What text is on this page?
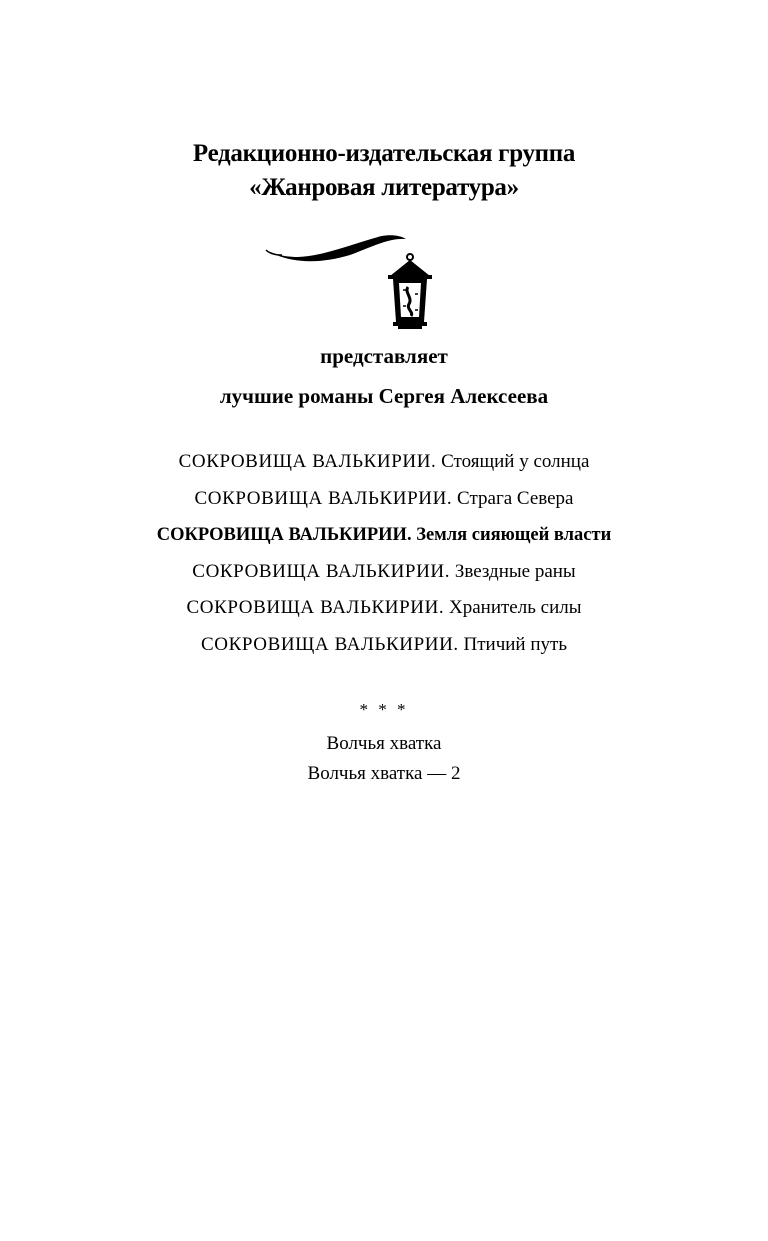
Редакционно-издательская группа
«Жанровая литература»
представляет
лучшие романы Сергея Алексеева
СОКРОВИЩА ВАЛЬКИРИИ. Стоящий у солнца
СОКРОВИЩА ВАЛЬКИРИИ. Страга Севера
СОКРОВИЩА ВАЛЬКИРИИ. Земля сияющей власти
СОКРОВИЩА ВАЛЬКИРИИ. Звездные раны
СОКРОВИЩА ВАЛЬКИРИИ. Хранитель силы
СОКРОВИЩА ВАЛЬКИРИИ. Птичий путь
* * *
Волчья хватка
Волчья хватка — 2
